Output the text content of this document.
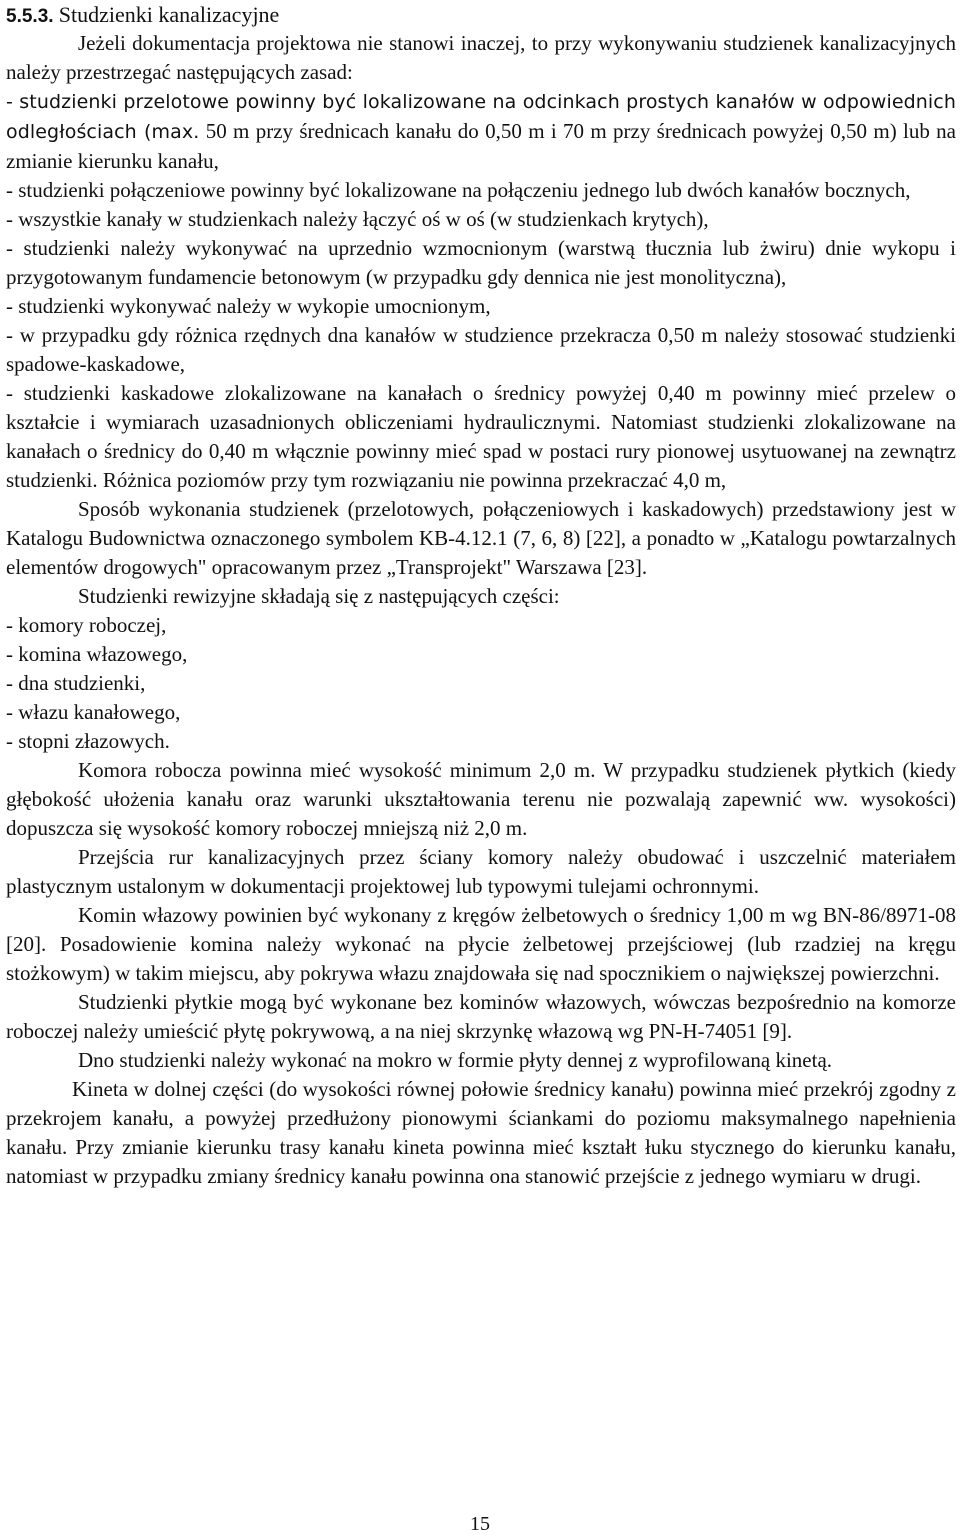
5.5.3. Studzienki kanalizacyjne

Jeżeli dokumentacja projektowa nie stanowi inaczej, to przy wykonywaniu studzienek kanalizacyjnych należy przestrzegać następujących zasad:

- studzienki przelotowe powinny być lokalizowane na odcinkach prostych kanałów w odpowiednich odległościach (max. 50 m przy średnicach kanału do 0,50 m i 70 m przy średnicach powyżej 0,50 m) lub na zmianie kierunku kanału,

- studzienki połączeniowe powinny być lokalizowane na połączeniu jednego lub dwóch kanałów bocznych,

- wszystkie kanały w studzienkach należy łączyć oś w oś (w studzienkach krytych),

- studzienki należy wykonywać na uprzednio wzmocnionym (warstwą tłucznia lub żwiru) dnie wykopu i przygotowanym fundamencie betonowym (w przypadku gdy dennica nie jest monolityczna),

- studzienki wykonywać należy w wykopie umocnionym,

- w przypadku gdy różnica rzędnych dna kanałów w studzience przekracza 0,50 m należy stosować studzienki spadowe-kaskadowe,

- studzienki kaskadowe zlokalizowane na kanałach o średnicy powyżej 0,40 m powinny mieć przelew o kształcie i wymiarach uzasadnionych obliczeniami hydraulicznymi. Natomiast studzienki zlokalizowane na kanałach o średnicy do 0,40 m włącznie powinny mieć spad w postaci rury pionowej usytuowanej na zewnątrz studzienki. Różnica poziomów przy tym rozwiązaniu nie powinna przekraczać 4,0 m,

Sposób wykonania studzienek (przelotowych, połączeniowych i kaskadowych) przedstawiony jest w Katalogu Budownictwa oznaczonego symbolem KB-4.12.1 (7, 6, 8) [22], a ponadto w „Katalogu powtarzalnych elementów drogowych" opracowanym przez „Transprojekt" Warszawa [23].

Studzienki rewizyjne składają się z następujących części:

- komory roboczej,

- komina włazowego,

- dna studzienki,

- włazu kanałowego,

- stopni złazowych.

Komora robocza powinna mieć wysokość minimum 2,0 m. W przypadku studzienek płytkich (kiedy głębokość ułożenia kanału oraz warunki ukształtowania terenu nie pozwalają zapewnić ww. wysokości) dopuszcza się wysokość komory roboczej mniejszą niż 2,0 m.

Przejścia rur kanalizacyjnych przez ściany komory należy obudować i uszczelnić materiałem plastycznym ustalonym w dokumentacji projektowej lub typowymi tulejami ochronnymi.

Komin włazowy powinien być wykonany z kręgów żelbetowych o średnicy 1,00 m wg BN-86/8971-08 [20]. Posadowienie komina należy wykonać na płycie żelbetowej przejściowej (lub rzadziej na kręgu stożkowym) w takim miejscu, aby pokrywa włazu znajdowała się nad spocznikiem o największej powierzchni.

Studzienki płytkie mogą być wykonane bez kominów włazowych, wówczas bezpośrednio na komorze roboczej należy umieścić płytę pokrywową, a na niej skrzynkę włazową wg PN-H-74051 [9].

Dno studzienki należy wykonać na mokro w formie płyty dennej z wyprofilowaną kinetą.

Kineta w dolnej części (do wysokości równej połowie średnicy kanału) powinna mieć przekrój zgodny z przekrojem kanału, a powyżej przedłużony pionowymi ściankami do poziomu maksymalnego napełnienia kanału. Przy zmianie kierunku trasy kanału kineta powinna mieć kształt łuku stycznego do kierunku kanału, natomiast w przypadku zmiany średnicy kanału powinna ona stanowić przejście z jednego wymiaru w drugi.

15
